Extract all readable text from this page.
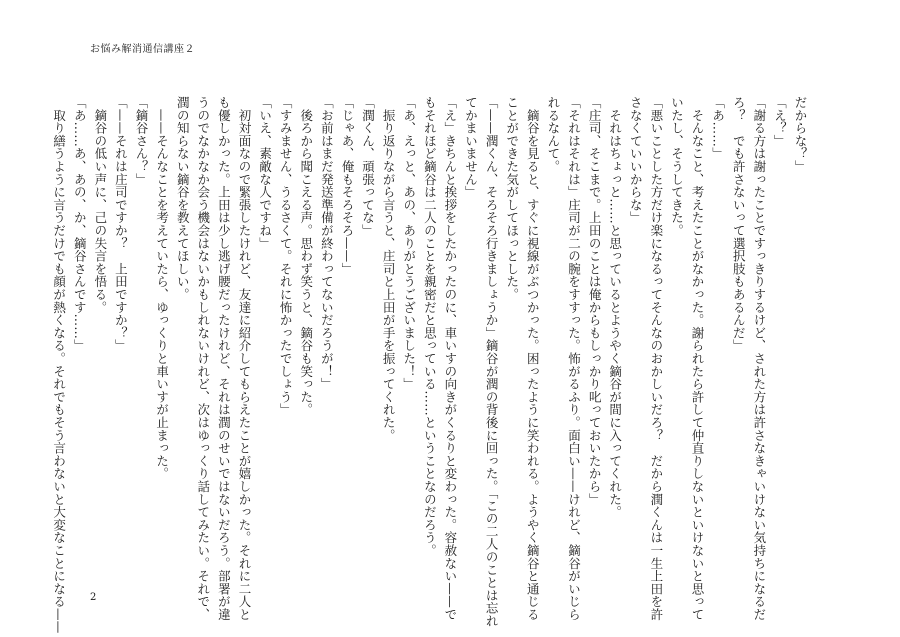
お悩み解消通信講座２
だからな？」
「え？」
「謝る方は謝ったことですっきりするけど、された方は許さなきゃいけない気持ちになるだ
ろ？　でも許さないって選択肢もあるんだ」
「あ……」
　そんなこと、考えたことがなかった。謝られたら許して仲直りしないといけないと思って
いたし、そうしてきた。
「悪いことした方だけ楽になるってそんなのおかしいだろ？　だから潤くんは一生上田を許
さなくていいからな」
　それはちょっと……と思っているとようやく鏑谷が間に入ってくれた。
「庄司、そこまで。上田のことは俺からもしっかり叱っておいたから」
「それはそれは」庄司が二の腕をすすった。怖がるふり。面白い——けれど、鏑谷がいじら
れるなんて。
　鏑谷を見ると、すぐに視線がぶつかった。困ったように笑われる。ようやく鏑谷と通じる
ことができた気がしてほっとした。
「——潤くん、そろそろ行きましょうか」鏑谷が潤の背後に回った。「この二人のことは忘れ
てかまいません」
「え」きちんと挨拶をしたかったのに、車いすの向きがくるりと変わった。容赦ない——で
もそれほど鏑谷は二人のことを親密だと思っている……ということなのだろう。
「あ、えっと、あの、ありがとうございました！」
　振り返りながら言うと、庄司と上田が手を振ってくれた。
「潤くん、頑張ってな」
「じゃあ、俺もそろそろ——」
「お前はまだ発送準備が終わってないだろうが！」
　後ろから聞こえる声。思わず笑うと、鏑谷も笑った。
「すみません、うるさくて。それに怖かったでしょう」
「いえ、素敵な人ですね」
　初対面なので緊張したけれど、友達に紹介してもらえたことが嬉しかった。それに二人と
も優しかった。上田は少し逃げ腰だったけれど、それは潤のせいではないだろう。部署が違
うのでなかなか会う機会はないかもしれないけれど、次はゆっくり話してみたい。それで、
潤の知らない鏑谷を教えてほしい。
　——そんなことを考えていたら、ゆっくりと車いすが止まった。
「鏑谷さん？」
「——それは庄司ですか？　上田ですか？」
　鏑谷の低い声に、己の失言を悟る。
「あ……あ、あの、か、鏑谷さんです……」
　取り繕うように言うだけでも顔が熱くなる。それでもそう言わないと大変なことになる—— 2
